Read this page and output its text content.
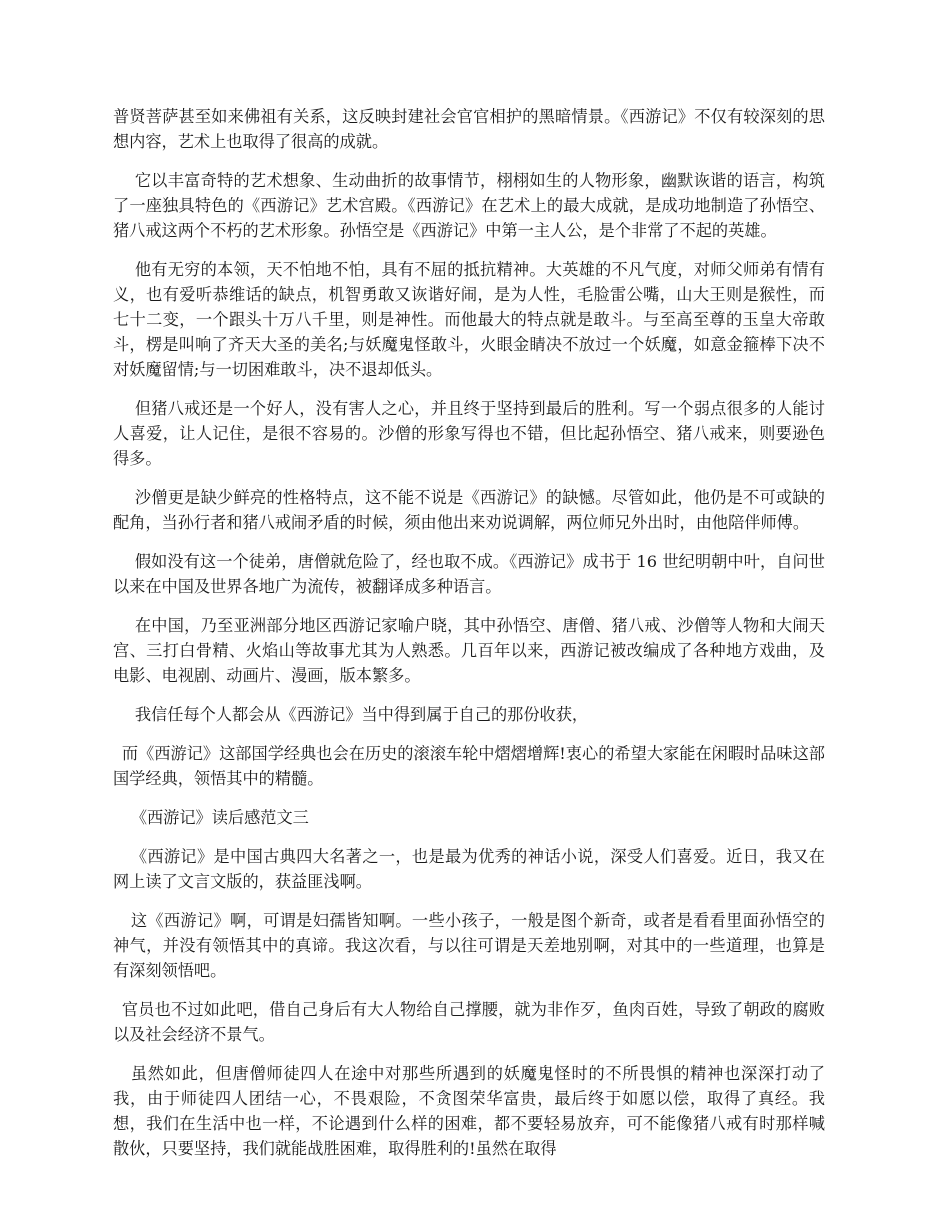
普贤菩萨甚至如来佛祖有关系，这反映封建社会官官相护的黑暗情景。《西游记》不仅有较深刻的思想内容，艺术上也取得了很高的成就。

它以丰富奇特的艺术想象、生动曲折的故事情节，栩栩如生的人物形象，幽默诙谐的语言，构筑了一座独具特色的《西游记》艺术宫殿。《西游记》在艺术上的最大成就，是成功地制造了孙悟空、猪八戒这两个不朽的艺术形象。孙悟空是《西游记》中第一主人公，是个非常了不起的英雄。

他有无穷的本领，天不怕地不怕，具有不屈的抵抗精神。大英雄的不凡气度，对师父师弟有情有义，也有爱听恭维话的缺点，机智勇敢又诙谐好闹，是为人性，毛脸雷公嘴，山大王则是猴性，而七十二变，一个跟头十万八千里，则是神性。而他最大的特点就是敢斗。与至高至尊的玉皇大帝敢斗，楞是叫响了齐天大圣的美名;与妖魔鬼怪敢斗，火眼金睛决不放过一个妖魔，如意金箍棒下决不对妖魔留情;与一切困难敢斗，决不退却低头。

但猪八戒还是一个好人，没有害人之心，并且终于坚持到最后的胜利。写一个弱点很多的人能讨人喜爱，让人记住，是很不容易的。沙僧的形象写得也不错，但比起孙悟空、猪八戒来，则要逊色得多。

沙僧更是缺少鲜亮的性格特点，这不能不说是《西游记》的缺憾。尽管如此，他仍是不可或缺的配角，当孙行者和猪八戒闹矛盾的时候，须由他出来劝说调解，两位师兄外出时，由他陪伴师傅。

假如没有这一个徒弟，唐僧就危险了，经也取不成。《西游记》成书于 16 世纪明朝中叶，自问世以来在中国及世界各地广为流传，被翻译成多种语言。

在中国，乃至亚洲部分地区西游记家喻户晓，其中孙悟空、唐僧、猪八戒、沙僧等人物和大闹天宫、三打白骨精、火焰山等故事尤其为人熟悉。几百年以来，西游记被改编成了各种地方戏曲，及电影、电视剧、动画片、漫画，版本繁多。

我信任每个人都会从《西游记》当中得到属于自己的那份收获，

而《西游记》这部国学经典也会在历史的滚滚车轮中熠熠增辉!衷心的希望大家能在闲暇时品味这部国学经典，领悟其中的精髓。

《西游记》读后感范文三

《西游记》是中国古典四大名著之一，也是最为优秀的神话小说，深受人们喜爱。近日，我又在网上读了文言文版的，获益匪浅啊。

这《西游记》啊，可谓是妇孺皆知啊。一些小孩子，一般是图个新奇，或者是看看里面孙悟空的神气，并没有领悟其中的真谛。我这次看，与以往可谓是天差地别啊，对其中的一些道理，也算是有深刻领悟吧。

官员也不过如此吧，借自己身后有大人物给自己撑腰，就为非作歹，鱼肉百姓，导致了朝政的腐败以及社会经济不景气。

虽然如此，但唐僧师徒四人在途中对那些所遇到的妖魔鬼怪时的不所畏惧的精神也深深打动了我，由于师徒四人团结一心，不畏艰险，不贪图荣华富贵，最后终于如愿以偿，取得了真经。我想，我们在生活中也一样，不论遇到什么样的困难，都不要轻易放弃，可不能像猪八戒有时那样喊散伙，只要坚持，我们就能战胜困难，取得胜利的!虽然在取得
